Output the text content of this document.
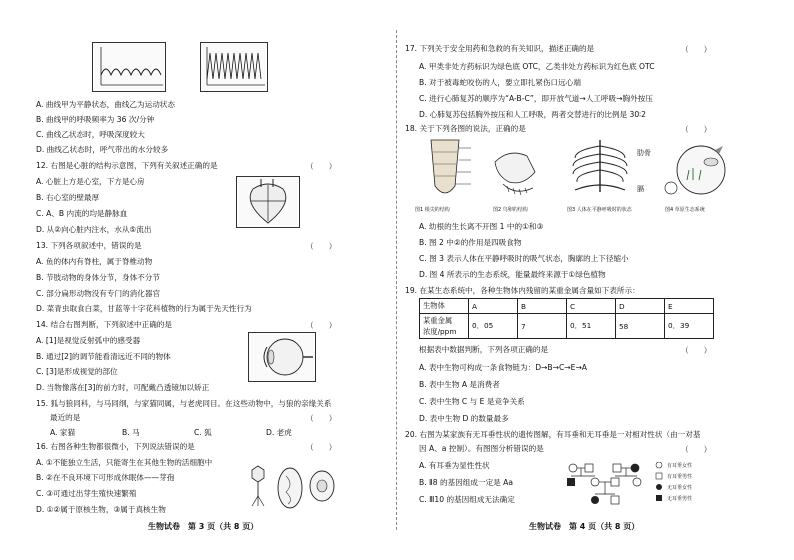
A. 曲线甲为平静状态，曲线乙为运动状态
B. 曲线甲的呼吸频率为 36 次/分钟
C. 曲线乙状态时，呼吸深度较大
D. 曲线乙状态时，呼气带出的水分较多
12. 右图是心脏的结构示意图，下列有关叙述正确的是	（　　）
A. 心脏上方是心室，下方是心房
B. 右心室的壁最厚
C. A、B 内流的均是静脉血
D. 从②向心脏内注水，水从⑤流出
13. 下列各项叙述中，错误的是	（　　）
A. 鱼的体内有脊柱，属于脊椎动物
B. 节肢动物的身体分节，身体不分节
C. 部分扁形动物没有专门的消化器官
D. 菜青虫取食白菜，甘蓝等十字花科植物的行为属于先天性行为
14. 结合右图判断，下列叙述中正确的是	（　　）
A. [1]是视觉反射弧中的感受器
B. 通过[2]的调节能看清远近不同的物体
C. [3]是形成视觉的部位
D. 当物像落在[3]的前方时，可配戴凸透镜加以矫正
15. 狐与狼同科，与马同纲，与家猫同属，与老虎同目。在这些动物中，与狼的亲缘关系
最近的是	（　　）
A. 家猫	B. 马	C. 狐	D. 老虎
16. 右图各种生物都很微小，下列说法错误的是	（　　）
A. ①不能独立生活，只能寄生在其他生物的活细胞中
B. ②在不良环境下可形成休眠体——芽孢
C. ③可通过出芽生殖快速繁殖
D. ①②属于原核生物，③属于真核生物
生物试卷　第 3 页（共 8 页）
17. 下列关于安全用药和急救的有关知识，描述正确的是	（　　）
A. 甲类非处方药标识为绿色底 OTC，乙类非处方药标识为红色底 OTC
B. 对于被毒蛇咬伤的人，要立即扎紧伤口远心端
C. 进行心肺复苏的顺序为“A-B-C”，即开放气道→人工呼吸→胸外按压
D. 心肺复苏包括胸外按压和人工呼吸，两者交替进行的比例是 30∶2
18. 关于下列各图的说法，正确的是	（　　）
图1 根尖的结构	图2 鸟卵的结构
肋骨
膈
图3 人体在平静呼吸时的状态	图4 草原生态系统
A. 幼根的生长离不开图 1 中的①和③
B. 图 2 中②的作用是四吸食物
C. 图 3 表示人体在平静呼吸时的吸气状态，胸廓的上下径缩小
D. 图 4 所表示的生态系统，能量最终来源于①绿色植物
19. 在某生态系统中，各种生物体内残留的某重金属含量如下表所示：
生物体	A	B	C	D	E
某重金属
浓度/ppm	0．05	7	0．51	58	0．39
根据表中数据判断，下列各项正确的是	（　　）
A. 表中生物可构成一条食物链为：D→B→C→E→A
B. 表中生物 A 是消费者
C. 表中生物 C 与 E 是竞争关系
D. 表中生物 D 的数量最多
20. 右图为某家族有无耳垂性状的遗传图解，有耳垂和无耳垂是一对相对性状（由一对基
因 A、a 控制）。有图图分析错误的是	（　　）
A. 有耳垂为显性性状
B. Ⅱ8 的基因组成一定是 Aa
C. Ⅲ10 的基因组成无法确定
有耳垂女性
有耳垂男性
无耳垂女性
无耳垂男性
生物试卷　第 4 页（共 8 页）
